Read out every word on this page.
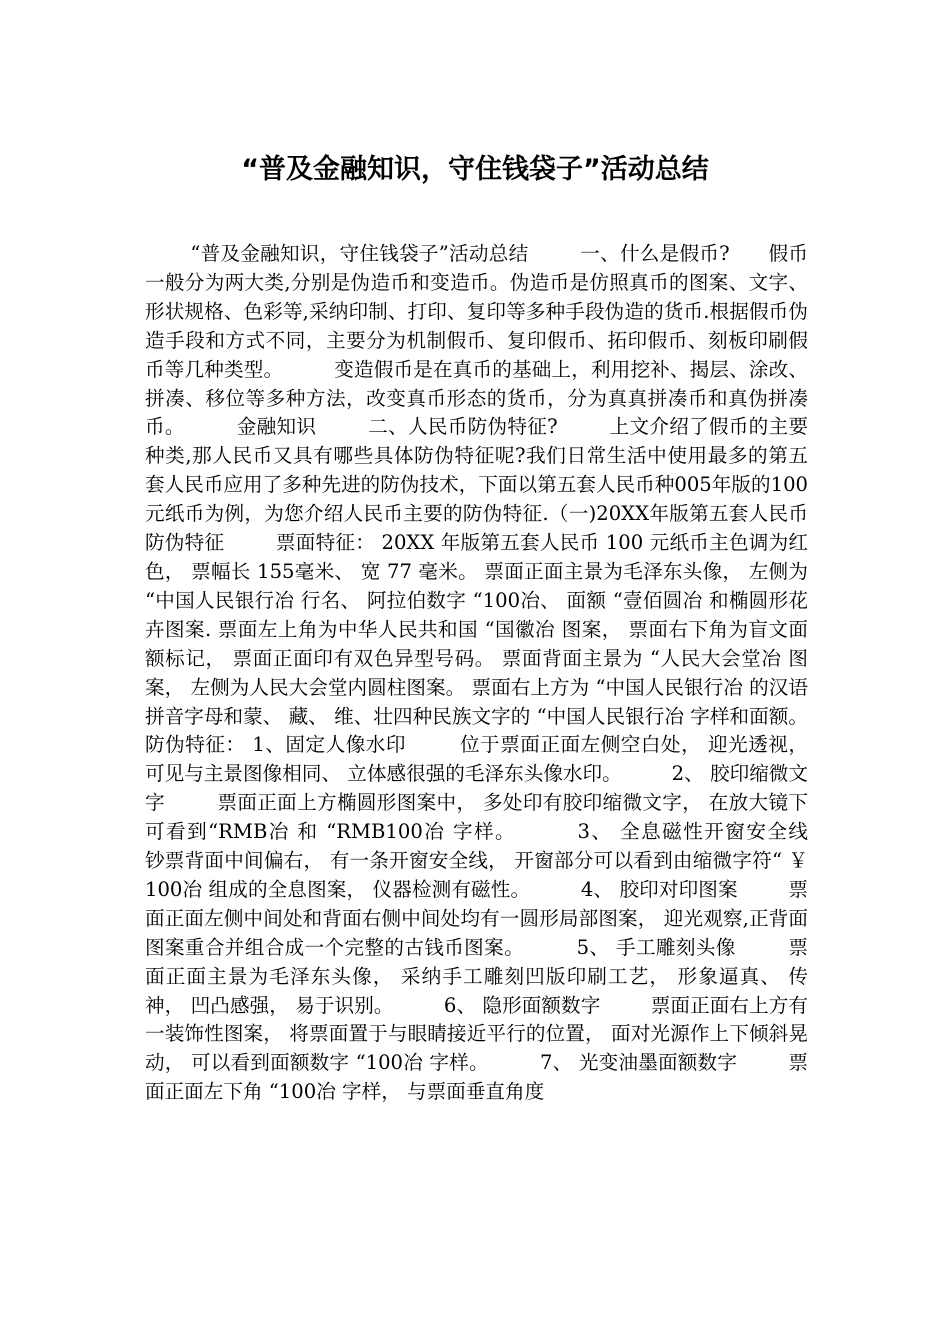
“普及金融知识，守住钱袋子”活动总结

“普及金融知识，守住钱袋子”活动总结        一、什么是假币?      假币一般分为两大类,分别是伪造币和变造币。伪造币是仿照真币的图案、文字、形状规格、色彩等,采纳印制、打印、复印等多种手段伪造的货币.根据假币伪造手段和方式不同，主要分为机制假币、复印假币、拓印假币、刻板印刷假币等几种类型。        变造假币是在真币的基础上，利用挖补、揭层、涂改、拼凑、移位等多种方法，改变真币形态的货币，分为真真拼凑币和真伪拼凑币。        金融知识        二、人民币防伪特征?        上文介绍了假币的主要种类,那人民币又具有哪些具体防伪特征呢?我们日常生活中使用最多的第五套人民币应用了多种先进的防伪技术，下面以第五套人民币种005年版的100元纸币为例，为您介绍人民币主要的防伪特征.（一)20XX年版第五套人民币防伪特征        票面特征： 20XX 年版第五套人民币 100 元纸币主色调为红色， 票幅长 155毫米、 宽 77 毫米。 票面正面主景为毛泽东头像， 左侧为 “中国人民银行冶 行名、 阿拉伯数字 “100冶、 面额 “壹佰圆冶 和椭圆形花卉图案. 票面左上角为中华人民共和国 “国徽冶 图案， 票面右下角为盲文面额标记， 票面正面印有双色异型号码。 票面背面主景为 “人民大会堂冶 图案， 左侧为人民大会堂内圆柱图案。 票面右上方为 “中国人民银行冶 的汉语拼音字母和蒙、 藏、 维、壮四种民族文字的 “中国人民银行冶 字样和面额。        防伪特征： 1、固定人像水印        位于票面正面左侧空白处， 迎光透视， 可见与主景图像相同、 立体感很强的毛泽东头像水印。        2、 胶印缩微文字        票面正面上方椭圆形图案中， 多处印有胶印缩微文字， 在放大镜下可看到“RMB冶 和 “RMB100冶 字样。        3、 全息磁性开窗安全线        钞票背面中间偏右， 有一条开窗安全线， 开窗部分可以看到由缩微字符“ ￥ 100冶 组成的全息图案， 仪器检测有磁性。        4、 胶印对印图案        票面正面左侧中间处和背面右侧中间处均有一圆形局部图案， 迎光观察,正背面图案重合并组合成一个完整的古钱币图案。        5、 手工雕刻头像        票面正面主景为毛泽东头像， 采纳手工雕刻凹版印刷工艺， 形象逼真、 传神， 凹凸感强， 易于识别。        6、 隐形面额数字        票面正面右上方有一装饰性图案， 将票面置于与眼睛接近平行的位置， 面对光源作上下倾斜晃动， 可以看到面额数字 “100冶 字样。        7、 光变油墨面额数字        票面正面左下角 “100冶 字样， 与票面垂直角度
